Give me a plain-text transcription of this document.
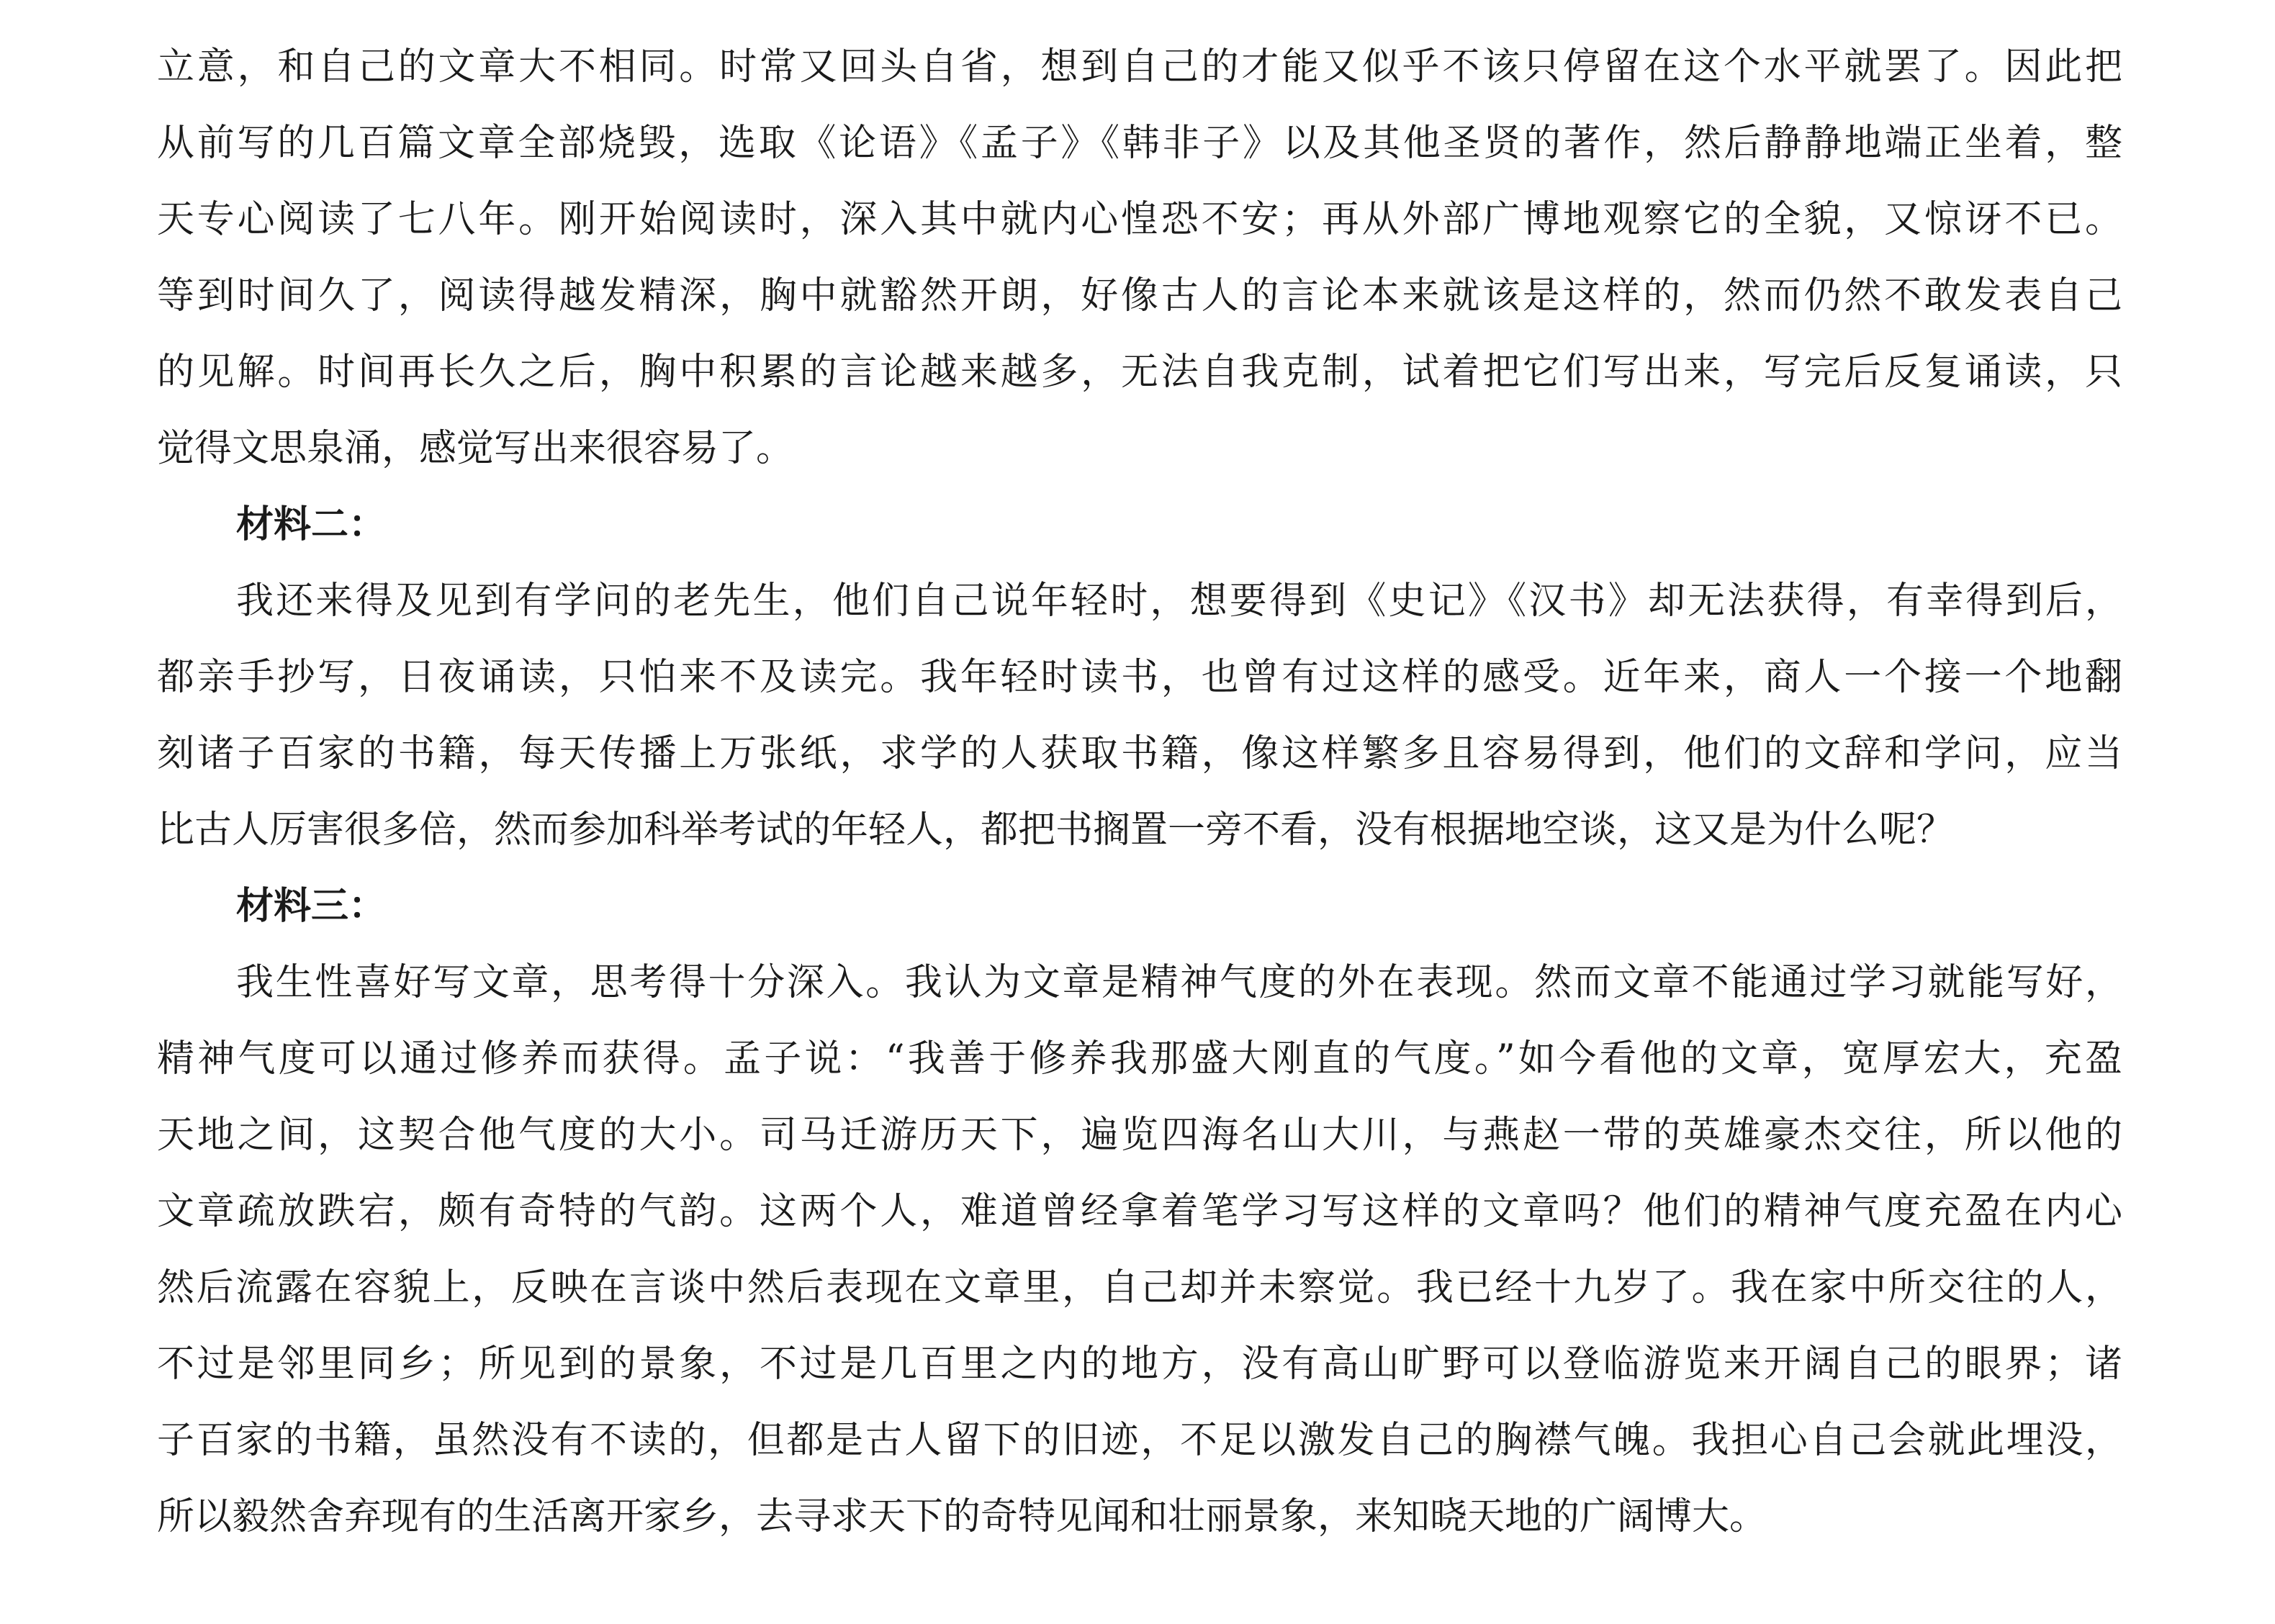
立意，和自己的文章大不相同。时常又回头自省，想到自己的才能又似乎不该只停留在这个水平就罢了。因此把
从前写的几百篇文章全部烧毁，选取《论语》《孟子》《韩非子》以及其他圣贤的著作，然后静静地端正坐着，整
天专心阅读了七八年。刚开始阅读时，深入其中就内心惶恐不安；再从外部广博地观察它的全貌，又惊讶不已。
等到时间久了，阅读得越发精深，胸中就豁然开朗，好像古人的言论本来就该是这样的，然而仍然不敢发表自己
的见解。时间再长久之后，胸中积累的言论越来越多，无法自我克制，试着把它们写出来，写完后反复诵读，只
觉得文思泉涌，感觉写出来很容易了。
材料二：
我还来得及见到有学问的老先生，他们自己说年轻时，想要得到《史记》《汉书》却无法获得，有幸得到后，
都亲手抄写，日夜诵读，只怕来不及读完。我年轻时读书，也曾有过这样的感受。近年来，商人一个接一个地翻
刻诸子百家的书籍，每天传播上万张纸，求学的人获取书籍，像这样繁多且容易得到，他们的文辞和学问，应当
比古人厉害很多倍，然而参加科举考试的年轻人，都把书搁置一旁不看，没有根据地空谈，这又是为什么呢？
材料三：
我生性喜好写文章，思考得十分深入。我认为文章是精神气度的外在表现。然而文章不能通过学习就能写好，
精神气度可以通过修养而获得。孟子说：“我善于修养我那盛大刚直的气度。”如今看他的文章，宽厚宏大，充盈
天地之间，这契合他气度的大小。司马迁游历天下，遍览四海名山大川，与燕赵一带的英雄豪杰交往，所以他的
文章疏放跌宕，颇有奇特的气韵。这两个人，难道曾经拿着笔学习写这样的文章吗？他们的精神气度充盈在内心
然后流露在容貌上，反映在言谈中然后表现在文章里，自己却并未察觉。我已经十九岁了。我在家中所交往的人，
不过是邻里同乡；所见到的景象，不过是几百里之内的地方，没有高山旷野可以登临游览来开阔自己的眼界；诸
子百家的书籍，虽然没有不读的，但都是古人留下的旧迹，不足以激发自己的胸襟气魄。我担心自己会就此埋没，
所以毅然舍弃现有的生活离开家乡，去寻求天下的奇特见闻和壮丽景象，来知晓天地的广阔博大。
